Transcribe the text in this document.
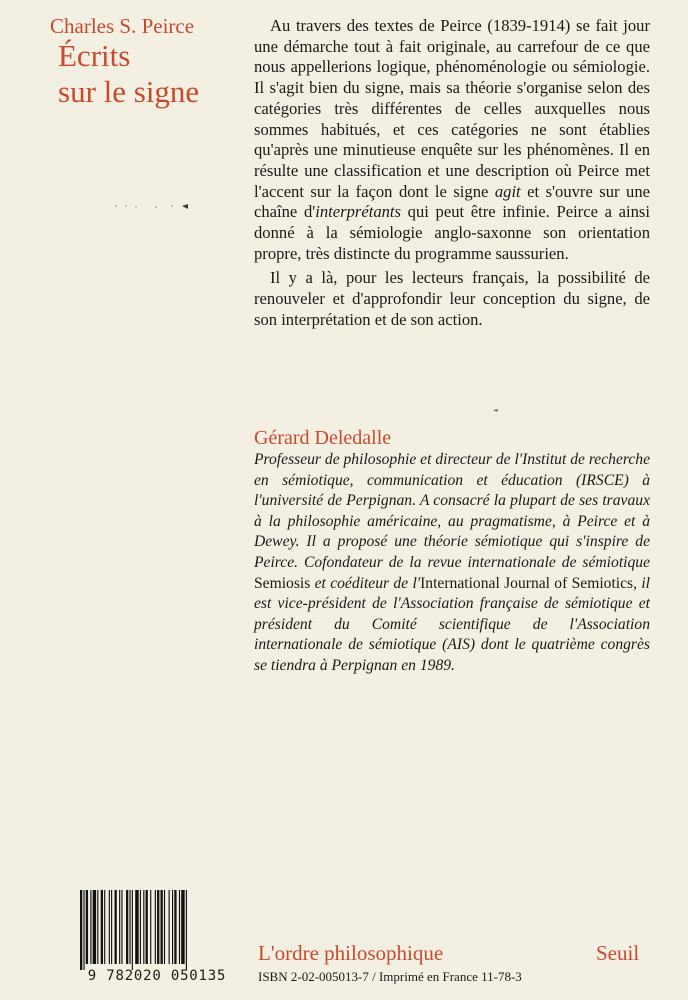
Charles S. Peirce
Écrits
sur le signe

Au travers des textes de Peirce (1839-1914) se fait jour une démarche tout à fait originale, au carrefour de ce que nous appellerions logique, phénoménologie ou sémiologie. Il s'agit bien du signe, mais sa théorie s'organise selon des catégories très différentes de celles auxquelles nous sommes habitués, et ces catégories ne sont établies qu'après une minutieuse enquête sur les phénomènes. Il en résulte une classification et une description où Peirce met l'accent sur la façon dont le signe agit et s'ouvre sur une chaîne d'interprétants qui peut être infinie. Peirce a ainsi donné à la sémiologie anglo-saxonne son orientation propre, très distincte du programme saussurien.

Il y a là, pour les lecteurs français, la possibilité de renouveler et d'approfondir leur conception du signe, de son interprétation et de son action.

Gérard Deledalle
Professeur de philosophie et directeur de l'Institut de recherche en sémiotique, communication et éducation (IRSCE) à l'université de Perpignan. A consacré la plupart de ses travaux à la philosophie américaine, au pragmatisme, à Peirce et à Dewey. Il a proposé une théorie sémiotique qui s'inspire de Peirce. Cofondateur de la revue internationale de sémiotique Semiosis et coéditeur de l'International Journal of Semiotics, il est vice-président de l'Association française de sémiotique et président du Comité scientifique de l'Association internationale de sémiotique (AIS) dont le quatrième congrès se tiendra à Perpignan en 1989.
9 782020 050135
L'ordre philosophique	Seuil
ISBN 2-02-005013-7 / Imprimé en France 11-78-3
